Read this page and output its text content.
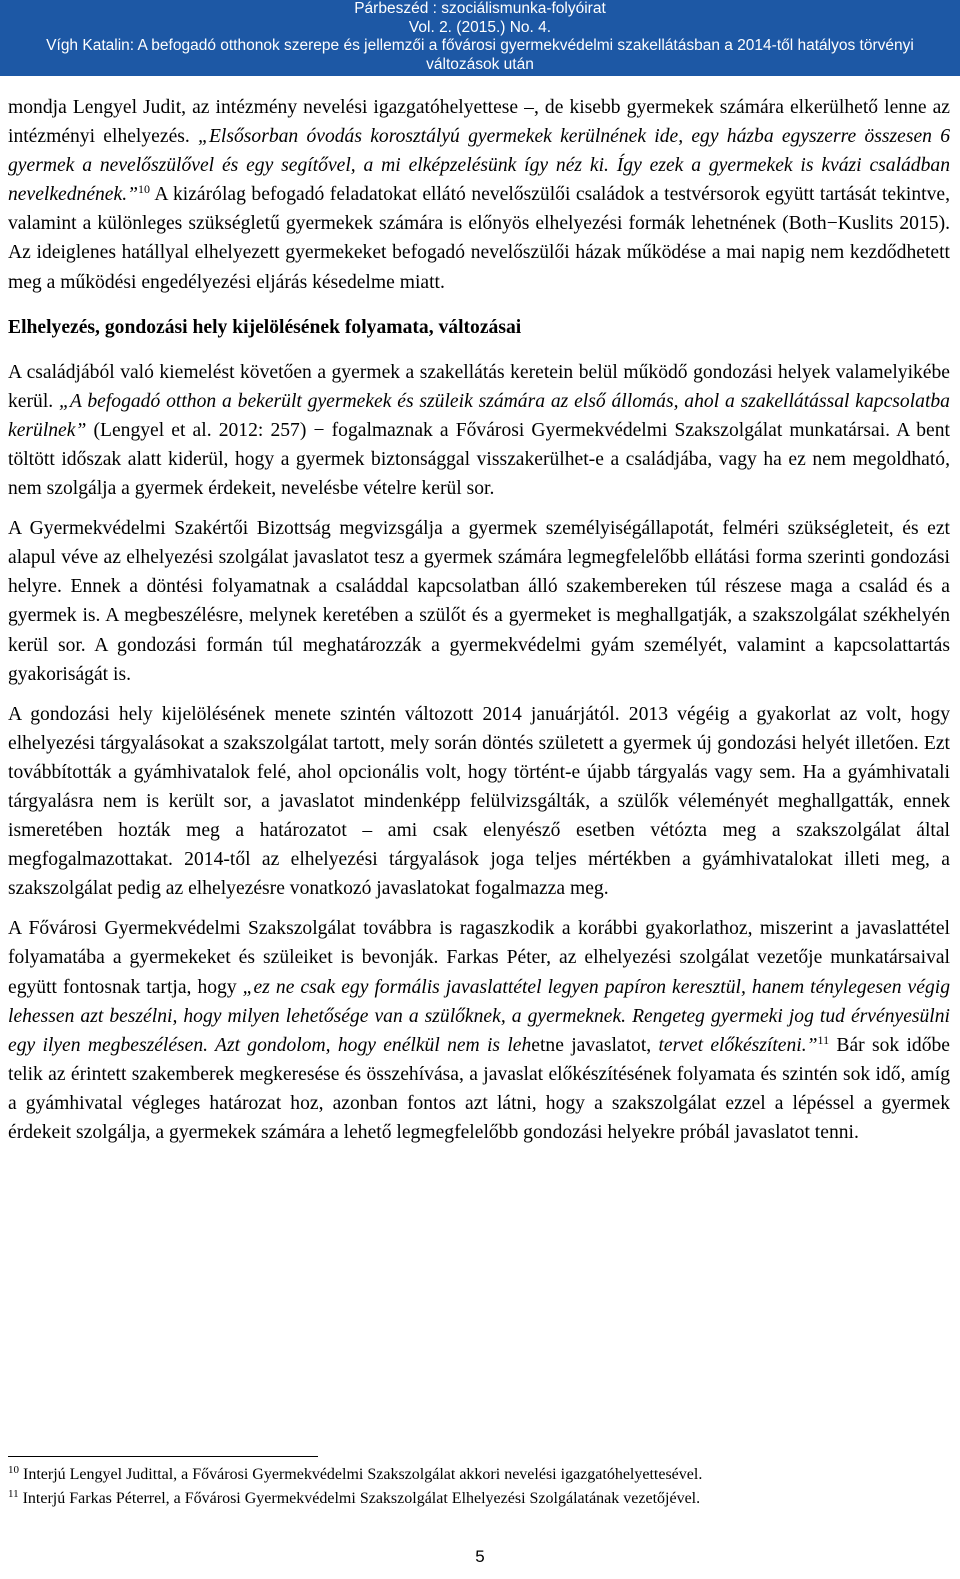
Párbeszéd : szociálismunka-folyóirat
Vol. 2. (2015.) No. 4.
Vígh Katalin: A befogadó otthonok szerepe és jellemzői a fővárosi gyermekvédelmi szakellátásban a 2014-től hatályos törvényi
változások után

mondja Lengyel Judit, az intézmény nevelési igazgatóhelyettese –, de kisebb gyermekek számára elkerülhető lenne az intézményi elhelyezés. „Elsősorban óvodás korosztályú gyermekek kerülnének ide, egy házba egyszerre összesen 6 gyermek a nevelőszülővel és egy segítővel, a mi elképzelésünk így néz ki. Így ezek a gyermekek is kvázi családban nevelkednének.”$^{10}$ A kizárólag befogadó feladatokat ellátó nevelőszülői családok a testvérsorok együtt tartását tekintve, valamint a különleges szükségletű gyermekek számára is előnyös elhelyezési formák lehetnének (Both−Kuslits 2015). Az ideiglenes hatállyal elhelyezett gyermekeket befogadó nevelőszülői házak működése a mai napig nem kezdődhetett meg a működési engedélyezési eljárás késedelme miatt.

Elhelyezés, gondozási hely kijelölésének folyamata, változásai

A családjából való kiemelést követően a gyermek a szakellátás keretein belül működő gondozási helyek valamelyikébe kerül. „A befogadó otthon a bekerült gyermekek és szüleik számára az első állomás, ahol a szakellátással kapcsolatba kerülnek” (Lengyel et al. 2012: 257) − fogalmaznak a Fővárosi Gyermekvédelmi Szakszolgálat munkatársai. A bent töltött időszak alatt kiderül, hogy a gyermek biztonsággal visszakerülhet-e a családjába, vagy ha ez nem megoldható, nem szolgálja a gyermek érdekeit, nevelésbe vételre kerül sor.

A Gyermekvédelmi Szakértői Bizottság megvizsgálja a gyermek személyiségállapotát, felméri szükségleteit, és ezt alapul véve az elhelyezési szolgálat javaslatot tesz a gyermek számára legmegfelelőbb ellátási forma szerinti gondozási helyre. Ennek a döntési folyamatnak a családdal kapcsolatban álló szakembereken túl részese maga a család és a gyermek is. A megbeszélésre, melynek keretében a szülőt és a gyermeket is meghallgatják, a szakszolgálat székhelyén kerül sor. A gondozási formán túl meghatározzák a gyermekvédelmi gyám személyét, valamint a kapcsolattartás gyakoriságát is.

A gondozási hely kijelölésének menete szintén változott 2014 januárjától. 2013 végéig a gyakorlat az volt, hogy elhelyezési tárgyalásokat a szakszolgálat tartott, mely során döntés született a gyermek új gondozási helyét illetően. Ezt továbbították a gyámhivatalok felé, ahol opcionális volt, hogy történt-e újabb tárgyalás vagy sem. Ha a gyámhivatali tárgyalásra nem is került sor, a javaslatot mindenképp felülvizsgálták, a szülők véleményét meghallgatták, ennek ismeretében hozták meg a határozatot – ami csak elenyésző esetben vétózta meg a szakszolgálat által megfogalmazottakat. 2014-től az elhelyezési tárgyalások joga teljes mértékben a gyámhivatalokat illeti meg, a szakszolgálat pedig az elhelyezésre vonatkozó javaslatokat fogalmazza meg.

A Fővárosi Gyermekvédelmi Szakszolgálat továbbra is ragaszkodik a korábbi gyakorlathoz, miszerint a javaslattétel folyamatába a gyermekeket és szüleiket is bevonják. Farkas Péter, az elhelyezési szolgálat vezetője munkatársaival együtt fontosnak tartja, hogy „ez ne csak egy formális javaslattétel legyen papíron keresztül, hanem ténylegesen végig lehessen azt beszélni, hogy milyen lehetősége van a szülőknek, a gyermeknek. Rengeteg gyermeki jog tud érvényesülni egy ilyen megbeszélésen. Azt gondolom, hogy enélkül nem is lehetne javaslatot, tervet előkészíteni.”$^{11}$ Bár sok időbe telik az érintett szakemberek megkeresése és összehívása, a javaslat előkészítésének folyamata és szintén sok idő, amíg a gyámhivatal végleges határozat hoz, azonban fontos azt látni, hogy a szakszolgálat ezzel a lépéssel a gyermek érdekeit szolgálja, a gyermekek számára a lehető legmegfelelőbb gondozási helyekre próbál javaslatot tenni.

$^{10}$ Interjú Lengyel Judittal, a Fővárosi Gyermekvédelmi Szakszolgálat akkori nevelési igazgatóhelyettesével.
$^{11}$ Interjú Farkas Péterrel, a Fővárosi Gyermekvédelmi Szakszolgálat Elhelyezési Szolgálatának vezetőjével.
5
